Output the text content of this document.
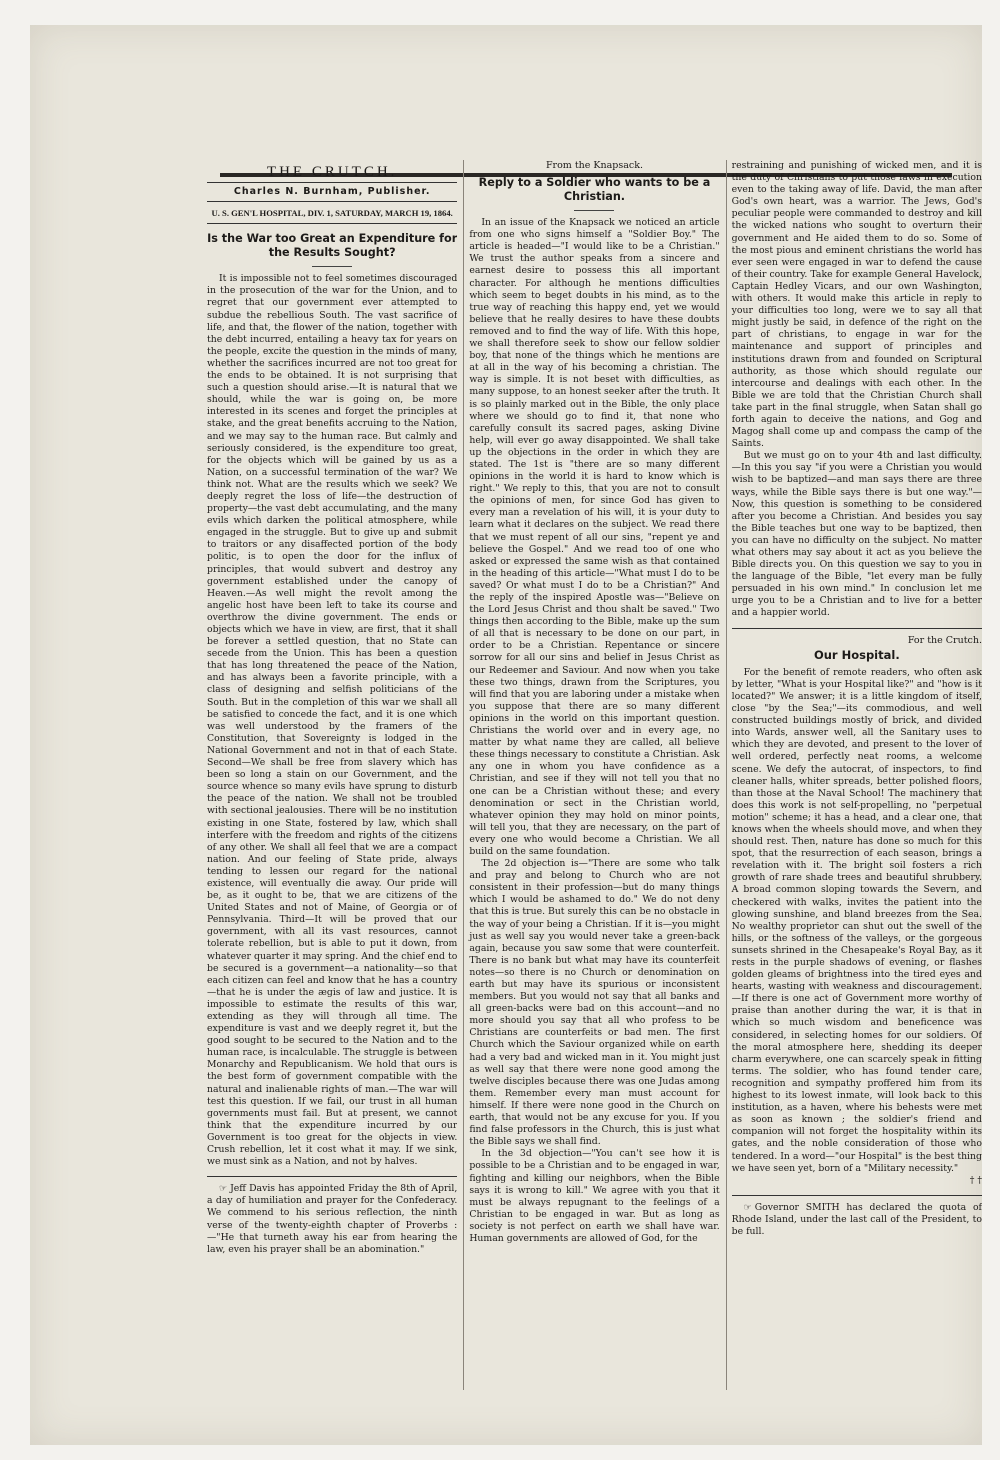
THE CRUTCH.
Charles N. Burnham, Publisher.
U. S. GEN'L HOSPITAL, DIV. 1, SATURDAY, MARCH 19, 1864.
Is the War too Great an Expenditure for the Results Sought?

It is impossible not to feel sometimes discouraged in the prosecution of the war for the Union, and to regret that our government ever attempted to subdue the rebellious South. The vast sacrifice of life, and that, the flower of the nation, together with the debt incurred, entailing a heavy tax for years on the people, excite the question in the minds of many, whether the sacrifices incurred are not too great for the ends to be obtained. It is not surprising that such a question should arise.—It is natural that we should, while the war is going on, be more interested in its scenes and forget the principles at stake, and the great benefits accruing to the Nation, and we may say to the human race. But calmly and seriously considered, is the expenditure too great, for the objects which will be gained by us as a Nation, on a successful termination of the war? We think not. What are the results which we seek? We deeply regret the loss of life—the destruction of property—the vast debt accumulating, and the many evils which darken the political atmosphere, while engaged in the struggle. But to give up and submit to traitors or any disaffected portion of the body politic, is to open the door for the influx of principles, that would subvert and destroy any government established under the canopy of Heaven.—As well might the revolt among the angelic host have been left to take its course and overthrow the divine government. The ends or objects which we have in view, are first, that it shall be forever a settled question, that no State can secede from the Union. This has been a question that has long threatened the peace of the Nation, and has always been a favorite principle, with a class of designing and selfish politicians of the South. But in the completion of this war we shall all be satisfied to concede the fact, and it is one which was well understood by the framers of the Constitution, that Sovereignty is lodged in the National Government and not in that of each State. Second—We shall be free from slavery which has been so long a stain on our Government, and the source whence so many evils have sprung to disturb the peace of the nation. We shall not be troubled with sectional jealousies. There will be no institution existing in one State, fostered by law, which shall interfere with the freedom and rights of the citizens of any other. We shall all feel that we are a compact nation. And our feeling of State pride, always tending to lessen our regard for the national existence, will eventually die away. Our pride will be, as it ought to be, that we are citizens of the United States and not of Maine, of Georgia or of Pennsylvania. Third—It will be proved that our government, with all its vast resources, cannot tolerate rebellion, but is able to put it down, from whatever quarter it may spring. And the chief end to be secured is a government—a nationality—so that each citizen can feel and know that he has a country—that he is under the ægis of law and justice. It is impossible to estimate the results of this war, extending as they will through all time. The expenditure is vast and we deeply regret it, but the good sought to be secured to the Nation and to the human race, is incalculable. The struggle is between Monarchy and Republicanism. We hold that ours is the best form of government compatible with the natural and inalienable rights of man.—The war will test this question. If we fail, our trust in all human governments must fail. But at present, we cannot think that the expenditure incurred by our Government is too great for the objects in view. Crush rebellion, let it cost what it may. If we sink, we must sink as a Nation, and not by halves.

☞ Jeff Davis has appointed Friday the 8th of April, a day of humiliation and prayer for the Confederacy. We commend to his serious reflection, the ninth verse of the twenty-eighth chapter of Proverbs :—"He that turneth away his ear from hearing the law, even his prayer shall be an abomination."

From the Knapsack.
Reply to a Soldier who wants to be a Christian.

In an issue of the Knapsack we noticed an article from one who signs himself a "Soldier Boy." The article is headed—"I would like to be a Christian." We trust the author speaks from a sincere and earnest desire to possess this all important character. For although he mentions difficulties which seem to beget doubts in his mind, as to the true way of reaching this happy end, yet we would believe that he really desires to have these doubts removed and to find the way of life. With this hope, we shall therefore seek to show our fellow soldier boy, that none of the things which he mentions are at all in the way of his becoming a christian. The way is simple. It is not beset with difficulties, as many suppose, to an honest seeker after the truth. It is so plainly marked out in the Bible, the only place where we should go to find it, that none who carefully consult its sacred pages, asking Divine help, will ever go away disappointed. We shall take up the objections in the order in which they are stated. The 1st is "there are so many different opinions in the world it is hard to know which is right." We reply to this, that you are not to consult the opinions of men, for since God has given to every man a revelation of his will, it is your duty to learn what it declares on the subject. We read there that we must repent of all our sins, "repent ye and believe the Gospel." And we read too of one who asked or expressed the same wish as that contained in the heading of this article—"What must I do to be saved? Or what must I do to be a Christian?" And the reply of the inspired Apostle was—"Believe on the Lord Jesus Christ and thou shalt be saved." Two things then according to the Bible, make up the sum of all that is necessary to be done on our part, in order to be a Christian. Repentance or sincere sorrow for all our sins and belief in Jesus Christ as our Redeemer and Saviour. And now when you take these two things, drawn from the Scriptures, you will find that you are laboring under a mistake when you suppose that there are so many different opinions in the world on this important question. Christians the world over and in every age, no matter by what name they are called, all believe these things necessary to constitute a Christian. Ask any one in whom you have confidence as a Christian, and see if they will not tell you that no one can be a Christian without these; and every denomination or sect in the Christian world, whatever opinion they may hold on minor points, will tell you, that they are necessary, on the part of every one who would become a Christian. We all build on the same foundation.

The 2d objection is—"There are some who talk and pray and belong to Church who are not consistent in their profession—but do many things which I would be ashamed to do." We do not deny that this is true. But surely this can be no obstacle in the way of your being a Christian. If it is—you might just as well say you would never take a green-back again, because you saw some that were counterfeit. There is no bank but what may have its counterfeit notes—so there is no Church or denomination on earth but may have its spurious or inconsistent members. But you would not say that all banks and all green-backs were bad on this account—and no more should you say that all who profess to be Christians are counterfeits or bad men. The first Church which the Saviour organized while on earth had a very bad and wicked man in it. You might just as well say that there were none good among the twelve disciples because there was one Judas among them. Remember every man must account for himself. If there were none good in the Church on earth, that would not be any excuse for you. If you find false professors in the Church, this is just what the Bible says we shall find.

In the 3d objection—"You can't see how it is possible to be a Christian and to be engaged in war, fighting and killing our neighbors, when the Bible says it is wrong to kill." We agree with you that it must be always repugnant to the feelings of a Christian to be engaged in war. But as long as society is not perfect on earth we shall have war. Human governments are allowed of God, for the

restraining and punishing of wicked men, and it is the duty of Christians to put those laws in execution even to the taking away of life. David, the man after God's own heart, was a warrior. The Jews, God's peculiar people were commanded to destroy and kill the wicked nations who sought to overturn their government and He aided them to do so. Some of the most pious and eminent christians the world has ever seen were engaged in war to defend the cause of their country. Take for example General Havelock, Captain Hedley Vicars, and our own Washington, with others. It would make this article in reply to your difficulties too long, were we to say all that might justly be said, in defence of the right on the part of christians, to engage in war for the maintenance and support of principles and institutions drawn from and founded on Scriptural authority, as those which should regulate our intercourse and dealings with each other. In the Bible we are told that the Christian Church shall take part in the final struggle, when Satan shall go forth again to deceive the nations, and Gog and Magog shall come up and compass the camp of the Saints.

But we must go on to your 4th and last difficulty.—In this you say "if you were a Christian you would wish to be baptized—and man says there are three ways, while the Bible says there is but one way."—Now, this question is something to be considered after you become a Christian. And besides you say the Bible teaches but one way to be baptized, then you can have no difficulty on the subject. No matter what others may say about it act as you believe the Bible directs you. On this question we say to you in the language of the Bible, "let every man be fully persuaded in his own mind." In conclusion let me urge you to be a Christian and to live for a better and a happier world.

For the Crutch.
Our Hospital.

For the benefit of remote readers, who often ask by letter, "What is your Hospital like?" and "how is it located?" We answer; it is a little kingdom of itself, close "by the Sea;"—its commodious, and well constructed buildings mostly of brick, and divided into Wards, answer well, all the Sanitary uses to which they are devoted, and present to the lover of well ordered, perfectly neat rooms, a welcome scene. We defy the autocrat, of inspectors, to find cleaner halls, whiter spreads, better polished floors, than those at the Naval School! The machinery that does this work is not self-propelling, no "perpetual motion" scheme; it has a head, and a clear one, that knows when the wheels should move, and when they should rest. Then, nature has done so much for this spot, that the resurrection of each season, brings a revelation with it. The bright soil fosters a rich growth of rare shade trees and beautiful shrubbery. A broad common sloping towards the Severn, and checkered with walks, invites the patient into the glowing sunshine, and bland breezes from the Sea. No wealthy proprietor can shut out the swell of the hills, or the softness of the valleys, or the gorgeous sunsets shrined in the Chesapeake's Royal Bay, as it rests in the purple shadows of evening, or flashes golden gleams of brightness into the tired eyes and hearts, wasting with weakness and discouragement.—If there is one act of Government more worthy of praise than another during the war, it is that in which so much wisdom and beneficence was considered, in selecting homes for our soldiers. Of the moral atmosphere here, shedding its deeper charm everywhere, one can scarcely speak in fitting terms. The soldier, who has found tender care, recognition and sympathy proffered him from its highest to its lowest inmate, will look back to this institution, as a haven, where his behests were met as soon as known ; the soldier's friend and companion will not forget the hospitality within its gates, and the noble consideration of those who tendered. In a word—"our Hospital" is the best thing we have seen yet, born of a "Military necessity."

† †

☞ Governor SMITH has declared the quota of Rhode Island, under the last call of the President, to be full.
